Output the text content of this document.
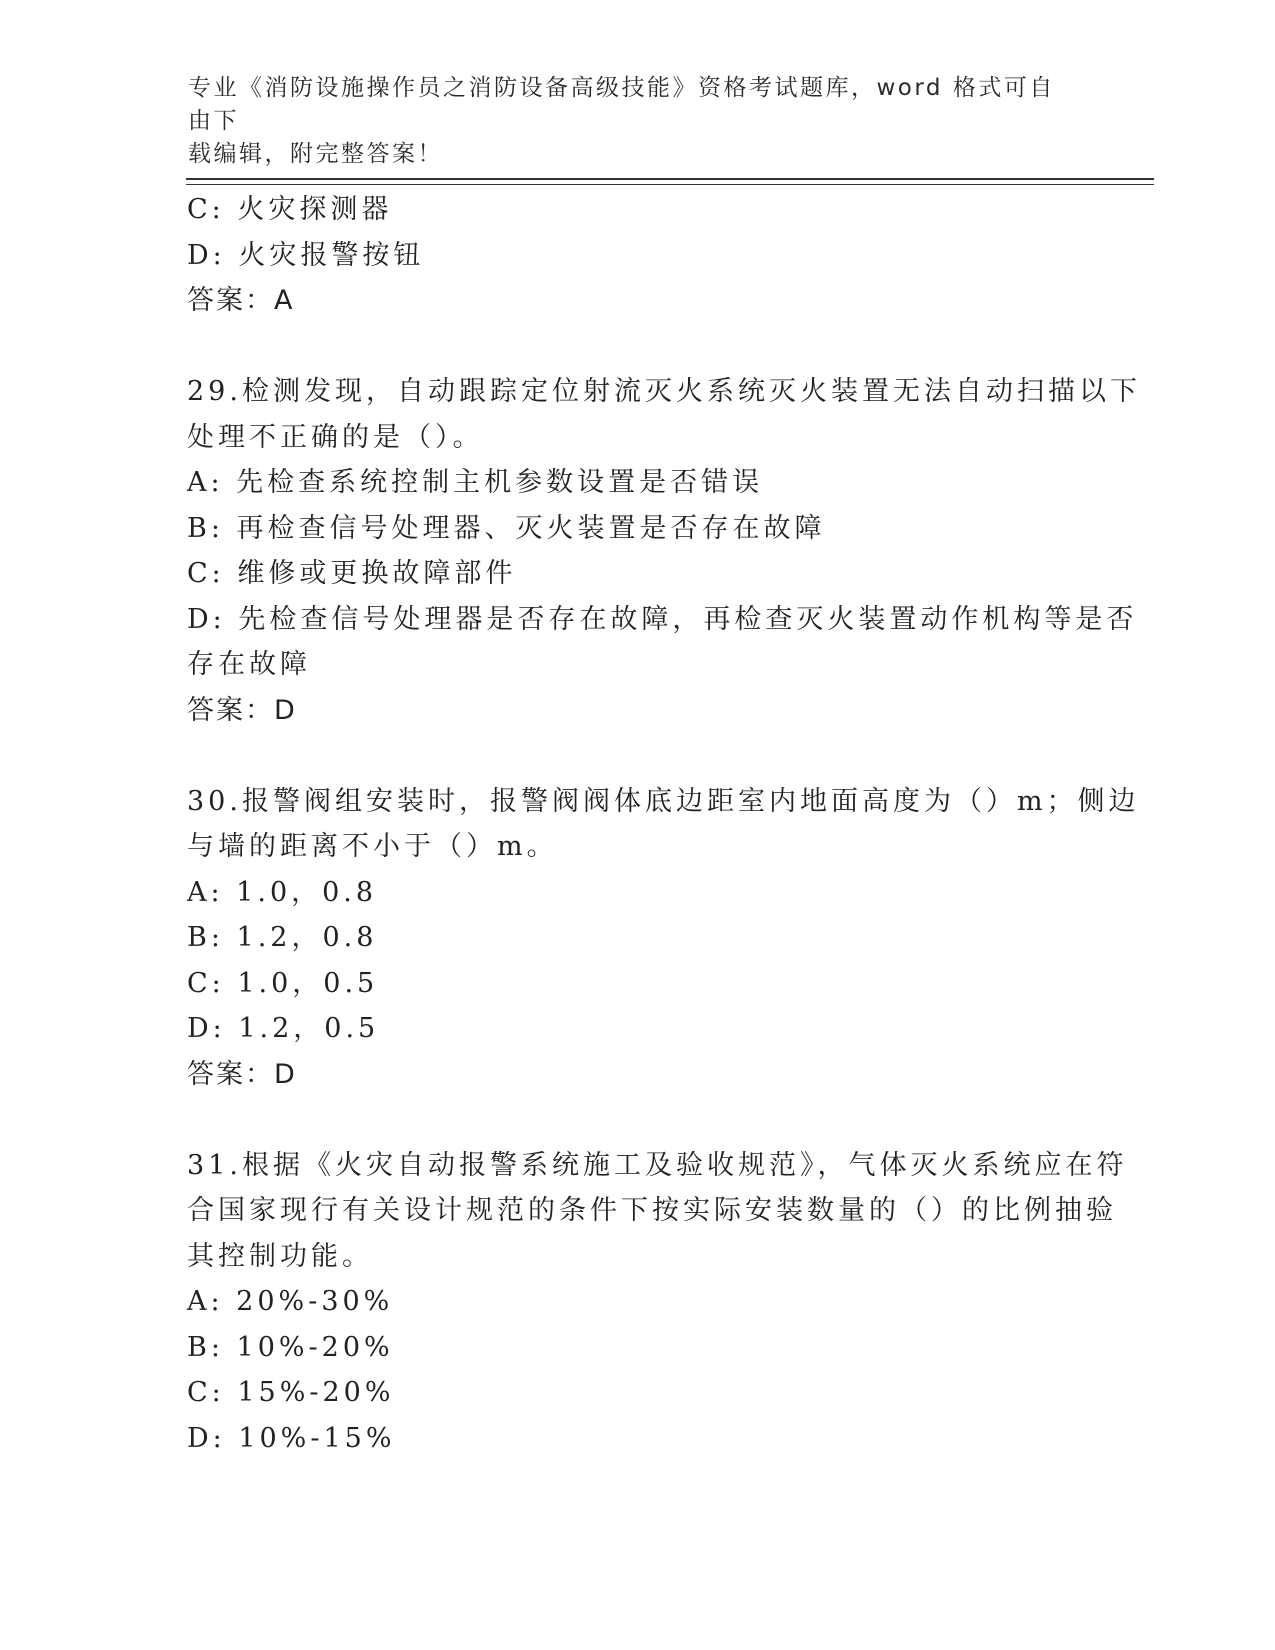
专业《消防设施操作员之消防设备高级技能》资格考试题库，word 格式可自由下
载编辑，附完整答案！
C: 火灾探测器
D: 火灾报警按钮
答案：A
29.检测发现，自动跟踪定位射流灭火系统灭火装置无法自动扫描以下
处理不正确的是（）。
A: 先检查系统控制主机参数设置是否错误
B: 再检查信号处理器、灭火装置是否存在故障
C: 维修或更换故障部件
D: 先检查信号处理器是否存在故障，再检查灭火装置动作机构等是否
存在故障
答案：D
30.报警阀组安装时，报警阀阀体底边距室内地面高度为（）m；侧边
与墙的距离不小于（）m。
A: 1.0，0.8
B: 1.2，0.8
C: 1.0，0.5
D: 1.2，0.5
答案：D
31.根据《火灾自动报警系统施工及验收规范》，气体灭火系统应在符
合国家现行有关设计规范的条件下按实际安装数量的（）的比例抽验
其控制功能。
A: 20%-30%
B: 10%-20%
C: 15%-20%
D: 10%-15%
